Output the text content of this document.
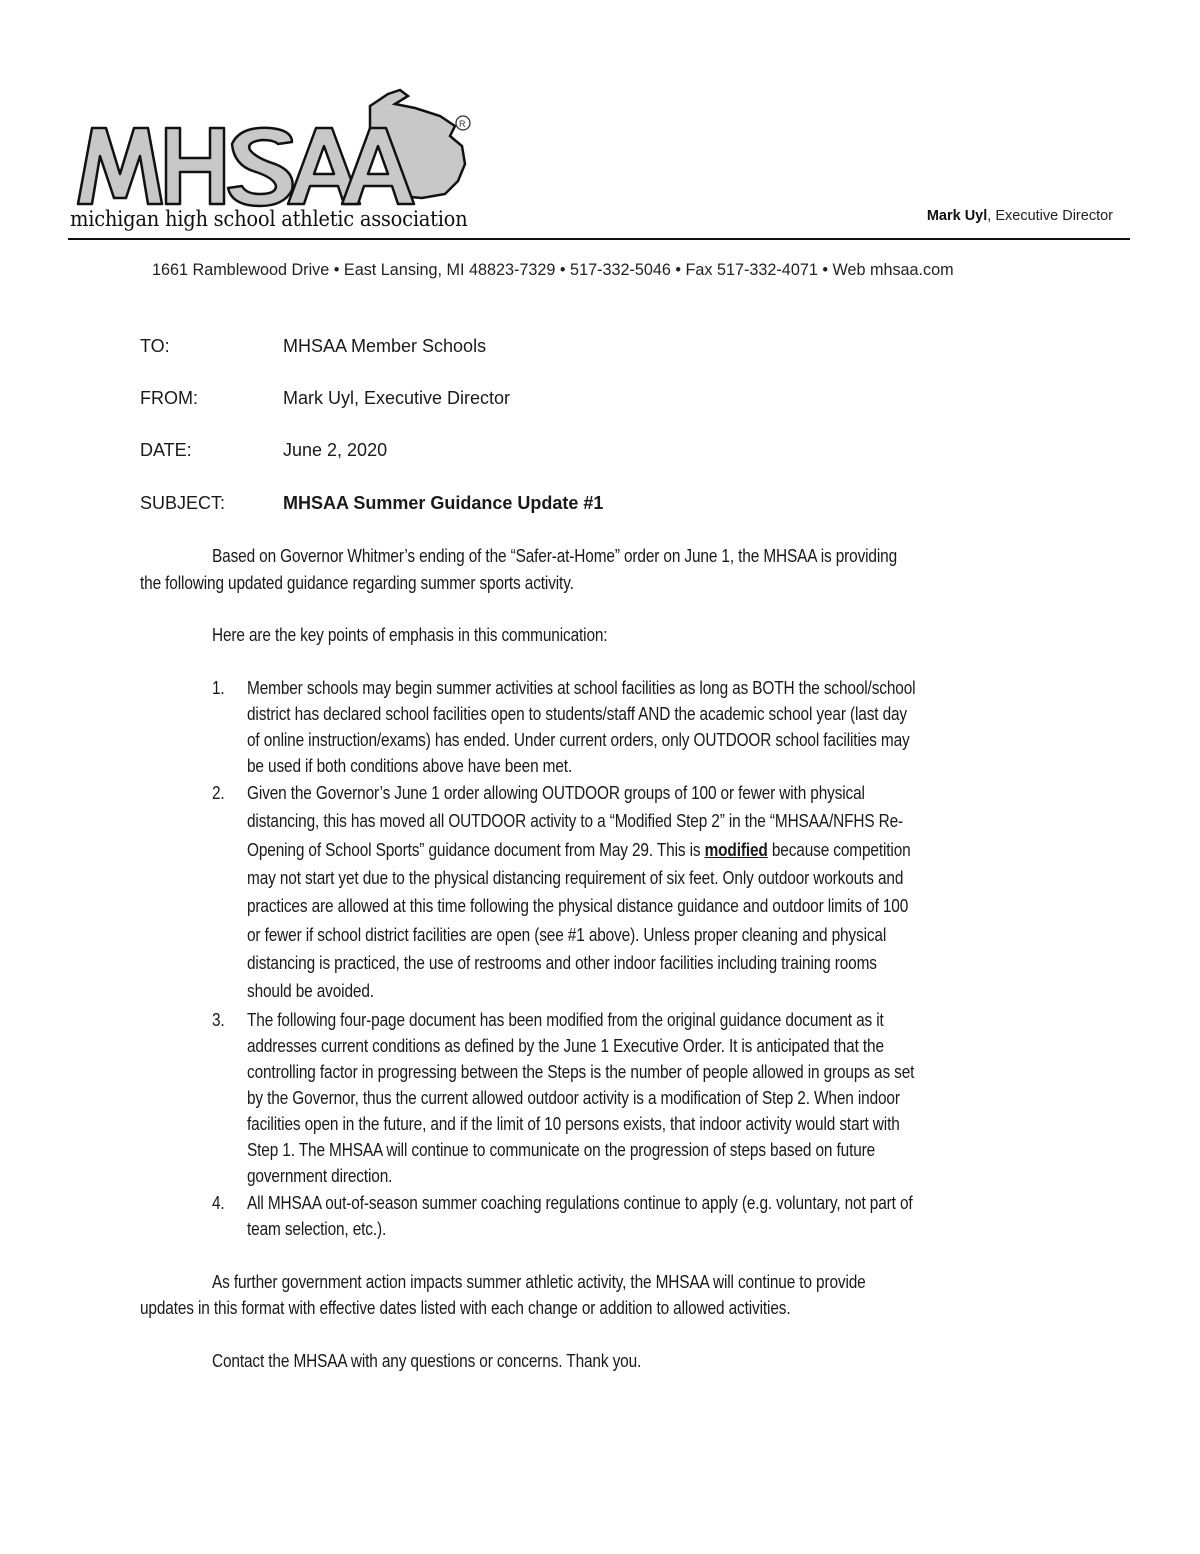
R
michigan high school athletic association	Mark Uyl, Executive Director
1661 Ramblewood Drive • East Lansing, MI 48823-7329 • 517-332-5046 • Fax 517-332-4071 • Web mhsaa.com
TO:	MHSAA Member Schools
FROM:	Mark Uyl, Executive Director
DATE:	June 2, 2020
SUBJECT:	MHSAA Summer Guidance Update #1
Based on Governor Whitmer’s ending of the “Safer-at-Home” order on June 1, the MHSAA is providing
the following updated guidance regarding summer sports activity.
Here are the key points of emphasis in this communication:
1. Member schools may begin summer activities at school facilities as long as BOTH the school/school
district has declared school facilities open to students/staff AND the academic school year (last day
of online instruction/exams) has ended. Under current orders, only OUTDOOR school facilities may
be used if both conditions above have been met.
2. Given the Governor’s June 1 order allowing OUTDOOR groups of 100 or fewer with physical
distancing, this has moved all OUTDOOR activity to a “Modified Step 2” in the “MHSAA/NFHS Re-
Opening of School Sports” guidance document from May 29. This is modified because competition
may not start yet due to the physical distancing requirement of six feet. Only outdoor workouts and
practices are allowed at this time following the physical distance guidance and outdoor limits of 100
or fewer if school district facilities are open (see #1 above). Unless proper cleaning and physical
distancing is practiced, the use of restrooms and other indoor facilities including training rooms
should be avoided.
3. The following four-page document has been modified from the original guidance document as it
addresses current conditions as defined by the June 1 Executive Order. It is anticipated that the
controlling factor in progressing between the Steps is the number of people allowed in groups as set
by the Governor, thus the current allowed outdoor activity is a modification of Step 2. When indoor
facilities open in the future, and if the limit of 10 persons exists, that indoor activity would start with
Step 1. The MHSAA will continue to communicate on the progression of steps based on future
government direction.
4. All MHSAA out-of-season summer coaching regulations continue to apply (e.g. voluntary, not part of
team selection, etc.).
As further government action impacts summer athletic activity, the MHSAA will continue to provide
updates in this format with effective dates listed with each change or addition to allowed activities.
Contact the MHSAA with any questions or concerns. Thank you.
